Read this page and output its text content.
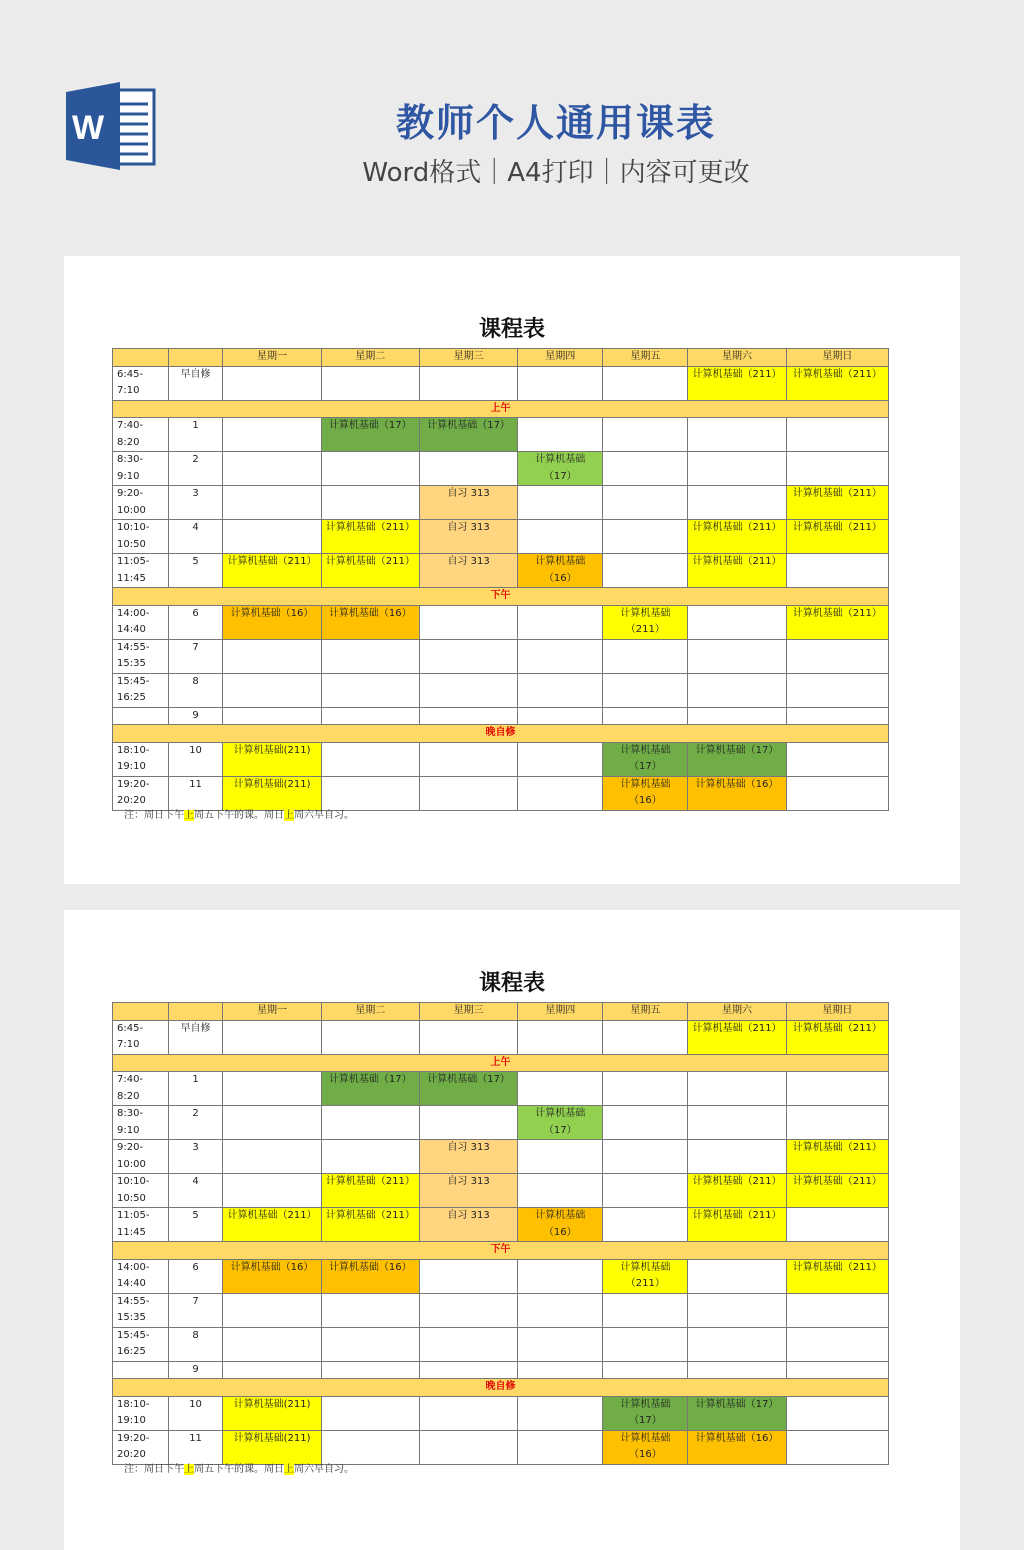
W	教师个人通用课表
Word格式｜A4打印｜内容可更改
课程表
		星期一	星期二	星期三	星期四	星期五	星期六	星期日
6:45-7:10	早自修						计算机基础（211）	计算机基础（211）
上午								
7:40-8:20	1		计算机基础（17）	计算机基础（17）				
8:30-9:10	2				计算机基础（17）			
9:20-10:00	3			自习 313				计算机基础（211）
10:10-10:50	4		计算机基础（211）	自习 313			计算机基础（211）	计算机基础（211）
11:05-11:45	5	计算机基础（211）	计算机基础（211）	自习 313	计算机基础（16）		计算机基础（211）	
下午								
14:00-14:40	6	计算机基础（16）	计算机基础（16）			计算机基础（211）		计算机基础（211）
14:55-15:35	7							
15:45-16:25	8							
	9							
晚自修								
18:10-19:10	10	计算机基础(211)				计算机基础（17）	计算机基础（17）	
19:20-20:20	11	计算机基础(211)				计算机基础（16）	计算机基础（16）	
注：周日下午上周五下午的课。周日上周六早自习。
课程表
		星期一	星期二	星期三	星期四	星期五	星期六	星期日
6:45-7:10	早自修						计算机基础（211）	计算机基础（211）
上午								
7:40-8:20	1		计算机基础（17）	计算机基础（17）				
8:30-9:10	2				计算机基础（17）			
9:20-10:00	3			自习 313				计算机基础（211）
10:10-10:50	4		计算机基础（211）	自习 313			计算机基础（211）	计算机基础（211）
11:05-11:45	5	计算机基础（211）	计算机基础（211）	自习 313	计算机基础（16）		计算机基础（211）	
下午								
14:00-14:40	6	计算机基础（16）	计算机基础（16）			计算机基础（211）		计算机基础（211）
14:55-15:35	7							
15:45-16:25	8							
	9							
晚自修								
18:10-19:10	10	计算机基础(211)				计算机基础（17）	计算机基础（17）	
19:20-20:20	11	计算机基础(211)				计算机基础（16）	计算机基础（16）	
注：周日下午上周五下午的课。周日上周六早自习。
